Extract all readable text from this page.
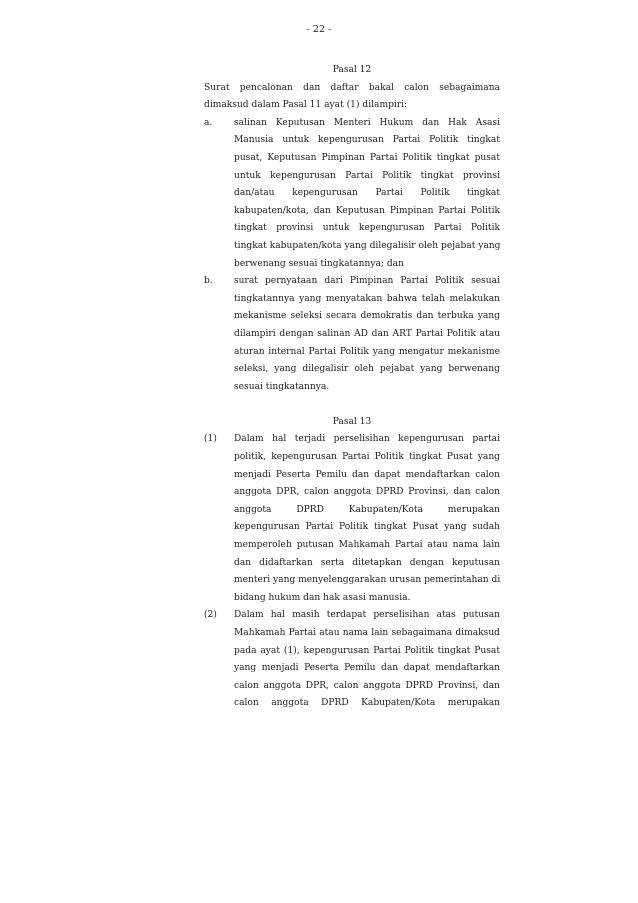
- 22 -
Pasal 12
Surat pencalonan dan daftar bakal calon sebagaimana
dimaksud dalam Pasal 11 ayat (1) dilampiri:
a. salinan Keputusan Menteri Hukum dan Hak Asasi
Manusia untuk kepengurusan Partai Politik tingkat
pusat, Keputusan Pimpinan Partai Politik tingkat pusat
untuk kepengurusan Partai Politik tingkat provinsi
dan/atau kepengurusan Partai Politik tingkat
kabupaten/kota, dan Keputusan Pimpinan Partai Politik
tingkat provinsi untuk kepengurusan Partai Politik
tingkat kabupaten/kota yang dilegalisir oleh pejabat yang
berwenang sesuai tingkatannya; dan
b. surat pernyataan dari Pimpinan Partai Politik sesuai
tingkatannya yang menyatakan bahwa telah melakukan
mekanisme seleksi secara demokratis dan terbuka yang
dilampiri dengan salinan AD dan ART Partai Politik atau
aturan internal Partai Politik yang mengatur mekanisme
seleksi, yang dilegalisir oleh pejabat yang berwenang
sesuai tingkatannya.
Pasal 13
(1) Dalam hal terjadi perselisihan kepengurusan partai
politik, kepengurusan Partai Politik tingkat Pusat yang
menjadi Peserta Pemilu dan dapat mendaftarkan calon
anggota DPR, calon anggota DPRD Provinsi, dan calon
anggota DPRD Kabupaten/Kota merupakan
kepengurusan Partai Politik tingkat Pusat yang sudah
memperoleh putusan Mahkamah Partai atau nama lain
dan didaftarkan serta ditetapkan dengan keputusan
menteri yang menyelenggarakan urusan pemerintahan di
bidang hukum dan hak asasi manusia.
(2) Dalam hal masih terdapat perselisihan atas putusan
Mahkamah Partai atau nama lain sebagaimana dimaksud
pada ayat (1), kepengurusan Partai Politik tingkat Pusat
yang menjadi Peserta Pemilu dan dapat mendaftarkan
calon anggota DPR, calon anggota DPRD Provinsi, dan
calon anggota DPRD Kabupaten/Kota merupakan
